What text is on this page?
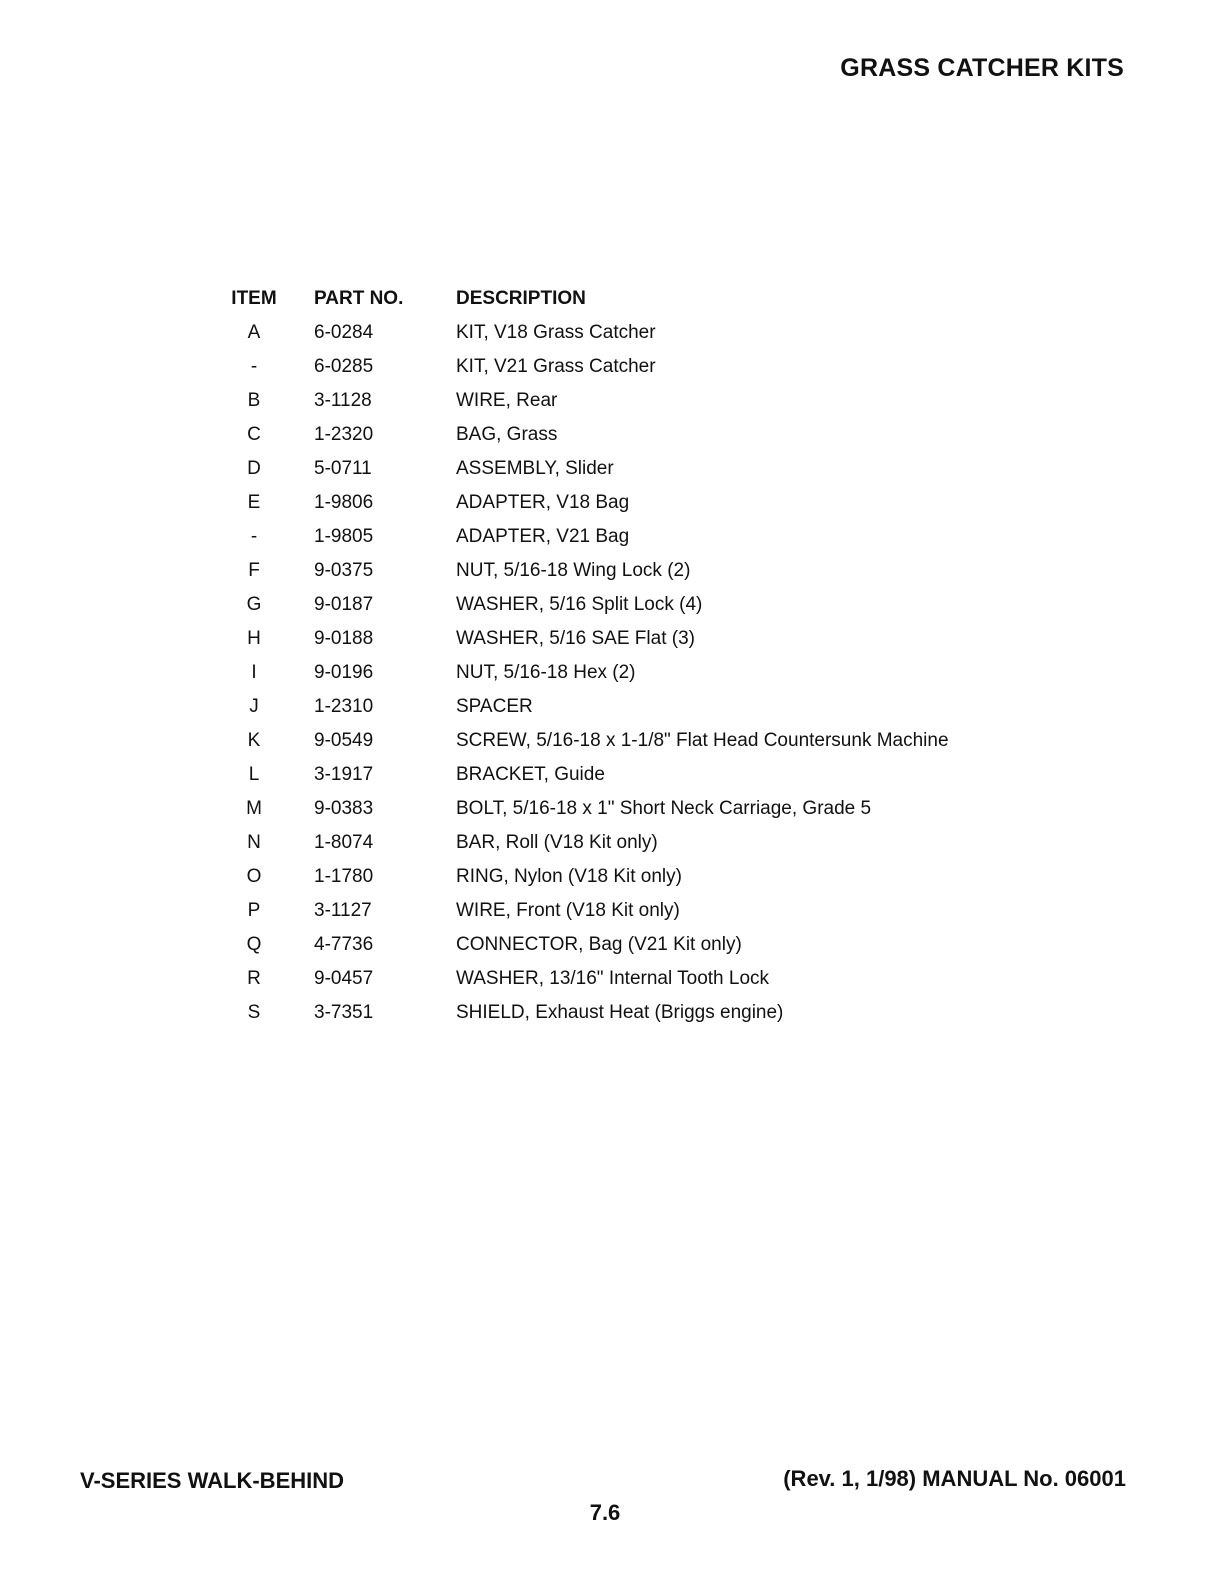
GRASS CATCHER KITS
ITEM	PART NO.	DESCRIPTION
A	6-0284	KIT, V18 Grass Catcher
-	6-0285	KIT, V21 Grass Catcher
B	3-1128	WIRE, Rear
C	1-2320	BAG, Grass
D	5-0711	ASSEMBLY, Slider
E	1-9806	ADAPTER, V18 Bag
-	1-9805	ADAPTER, V21 Bag
F	9-0375	NUT, 5/16-18 Wing Lock (2)
G	9-0187	WASHER, 5/16 Split Lock (4)
H	9-0188	WASHER, 5/16 SAE Flat (3)
I	9-0196	NUT, 5/16-18 Hex (2)
J	1-2310	SPACER
K	9-0549	SCREW, 5/16-18 x 1-1/8" Flat Head Countersunk Machine
L	3-1917	BRACKET, Guide
M	9-0383	BOLT, 5/16-18 x 1" Short Neck Carriage, Grade 5
N	1-8074	BAR, Roll (V18 Kit only)
O	1-1780	RING, Nylon (V18 Kit only)
P	3-1127	WIRE, Front (V18 Kit only)
Q	4-7736	CONNECTOR, Bag (V21 Kit only)
R	9-0457	WASHER, 13/16" Internal Tooth Lock
S	3-7351	SHIELD, Exhaust Heat (Briggs engine)
V-SERIES WALK-BEHIND	(Rev. 1, 1/98) MANUAL No. 06001
7.6
